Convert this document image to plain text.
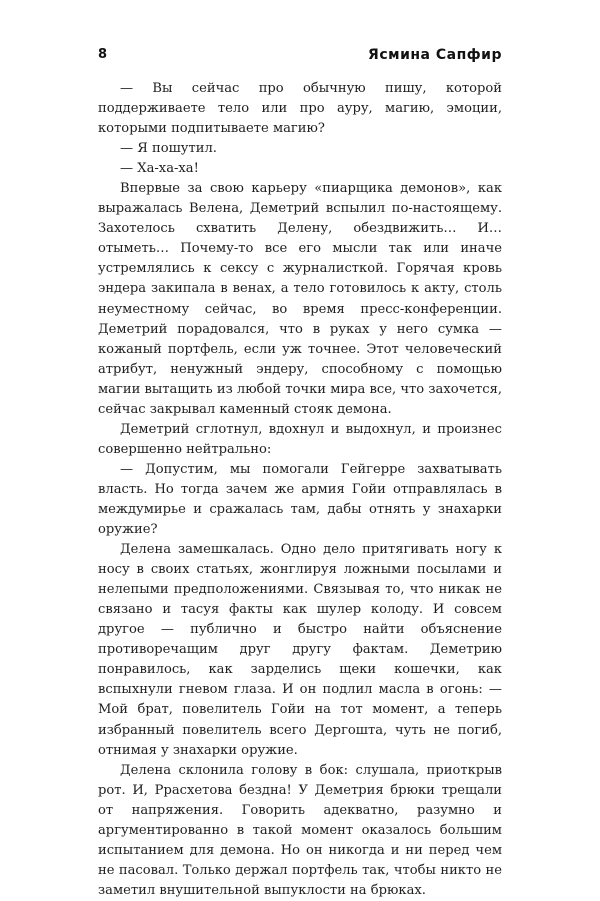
8	Ясмина Сапфир

— Вы сейчас про обычную пишу, которой поддерживаете тело или про ауру, магию, эмоции, которыми подпитываете магию?

— Я пошутил.

— Ха-ха-ха!

Впервые за свою карьеру «пиарщика демонов», как выражалась Велена, Деметрий вспылил по-настоящему. Захотелось схватить Делену, обездвижить… И… отыметь… Почему-то все его мысли так или иначе устремлялись к сексу с журналисткой. Горячая кровь эндера закипала в венах, а тело готовилось к акту, столь неуместному сейчас, во время пресс-конференции. Деметрий порадовался, что в руках у него сумка — кожаный портфель, если уж точнее. Этот человеческий атрибут, ненужный эндеру, способному с помощью магии вытащить из любой точки мира все, что захочется, сейчас закрывал каменный стояк демона.

Деметрий сглотнул, вдохнул и выдохнул, и произнес совершенно нейтрально:

— Допустим, мы помогали Гейгерре захватывать власть. Но тогда зачем же армия Гойи отправлялась в междумирье и сражалась там, дабы отнять у знахарки оружие?

Делена замешкалась. Одно дело притягивать ногу к носу в своих статьях, жонглируя ложными посылами и нелепыми предположениями. Связывая то, что никак не связано и тасуя факты как шулер колоду. И совсем другое — публично и быстро найти объяснение противоречащим друг другу фактам. Деметрию понравилось, как зарделись щеки кошечки, как вспыхнули гневом глаза. И он подлил масла в огонь: — Мой брат, повелитель Гойи на тот момент, а теперь избранный повелитель всего Дергошта, чуть не погиб, отнимая у знахарки оружие.

Делена склонила голову в бок: слушала, приоткрыв рот. И, Ррасхетова бездна! У Деметрия брюки трещали от напряжения. Говорить адекватно, разумно и аргументированно в такой момент оказалось большим испытанием для демона. Но он никогда и ни перед чем не пасовал. Только держал портфель так, чтобы никто не заметил внушительной выпуклости на брюках.
